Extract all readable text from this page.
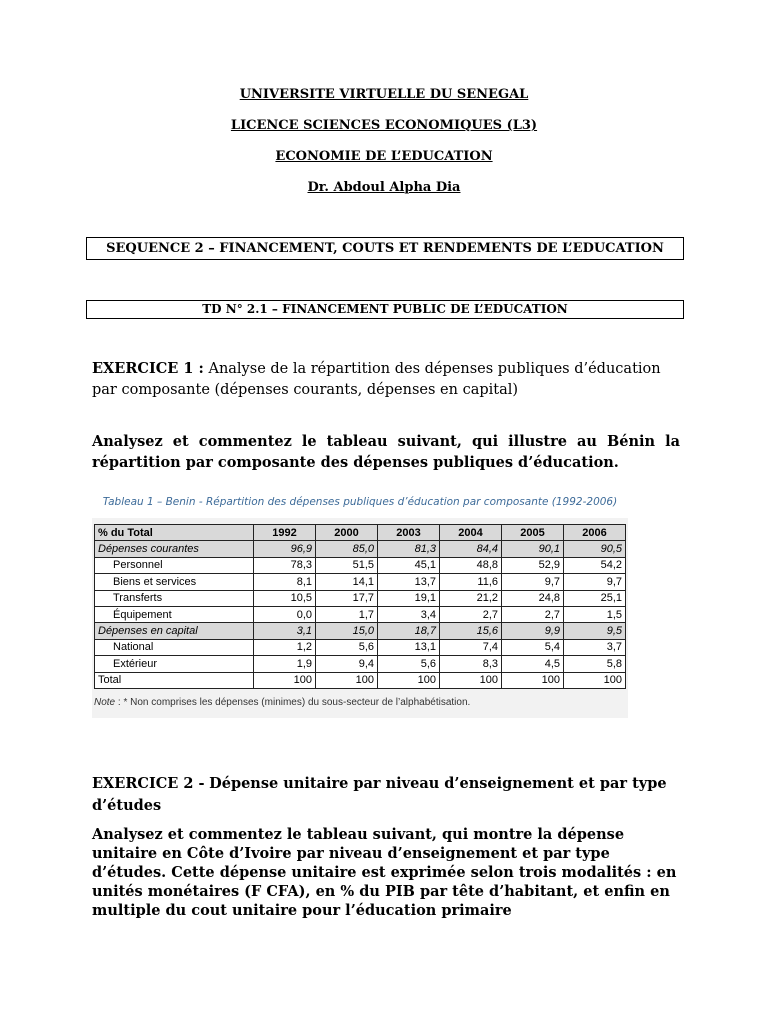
UNIVERSITE VIRTUELLE DU SENEGAL
LICENCE SCIENCES ECONOMIQUES (L3)
ECONOMIE DE L’EDUCATION
Dr. Abdoul Alpha Dia
SEQUENCE 2 – FINANCEMENT, COUTS ET RENDEMENTS DE L’EDUCATION
TD N° 2.1 – FINANCEMENT PUBLIC DE L’EDUCATION
EXERCICE 1 : Analyse de la répartition des dépenses publiques d’éducation par composante (dépenses courants, dépenses en capital)
Analysez et commentez le tableau suivant, qui illustre au Bénin la répartition par composante des dépenses publiques d’éducation.
Tableau 1 – Benin - Répartition des dépenses publiques d’éducation par composante (1992-2006)
% du Total	1992	2000	2003	2004	2005	2006
Dépenses courantes	96,9	85,0	81,3	84,4	90,1	90,5
Personnel	78,3	51,5	45,1	48,8	52,9	54,2
Biens et services	8,1	14,1	13,7	11,6	9,7	9,7
Transferts	10,5	17,7	19,1	21,2	24,8	25,1
Équipement	0,0	1,7	3,4	2,7	2,7	1,5
Dépenses en capital	3,1	15,0	18,7	15,6	9,9	9,5
National	1,2	5,6	13,1	7,4	5,4	3,7
Extérieur	1,9	9,4	5,6	8,3	4,5	5,8
Total	100	100	100	100	100	100
Note : * Non comprises les dépenses (minimes) du sous-secteur de l’alphabétisation.
EXERCICE 2 - Dépense unitaire par niveau d’enseignement et par type d’études
Analysez et commentez le tableau suivant, qui montre la dépense unitaire en Côte d’Ivoire par niveau d’enseignement et par type d’études. Cette dépense unitaire est exprimée selon trois modalités : en unités monétaires (F CFA), en % du PIB par tête d’habitant, et enfin en multiple du cout unitaire pour l’éducation primaire
